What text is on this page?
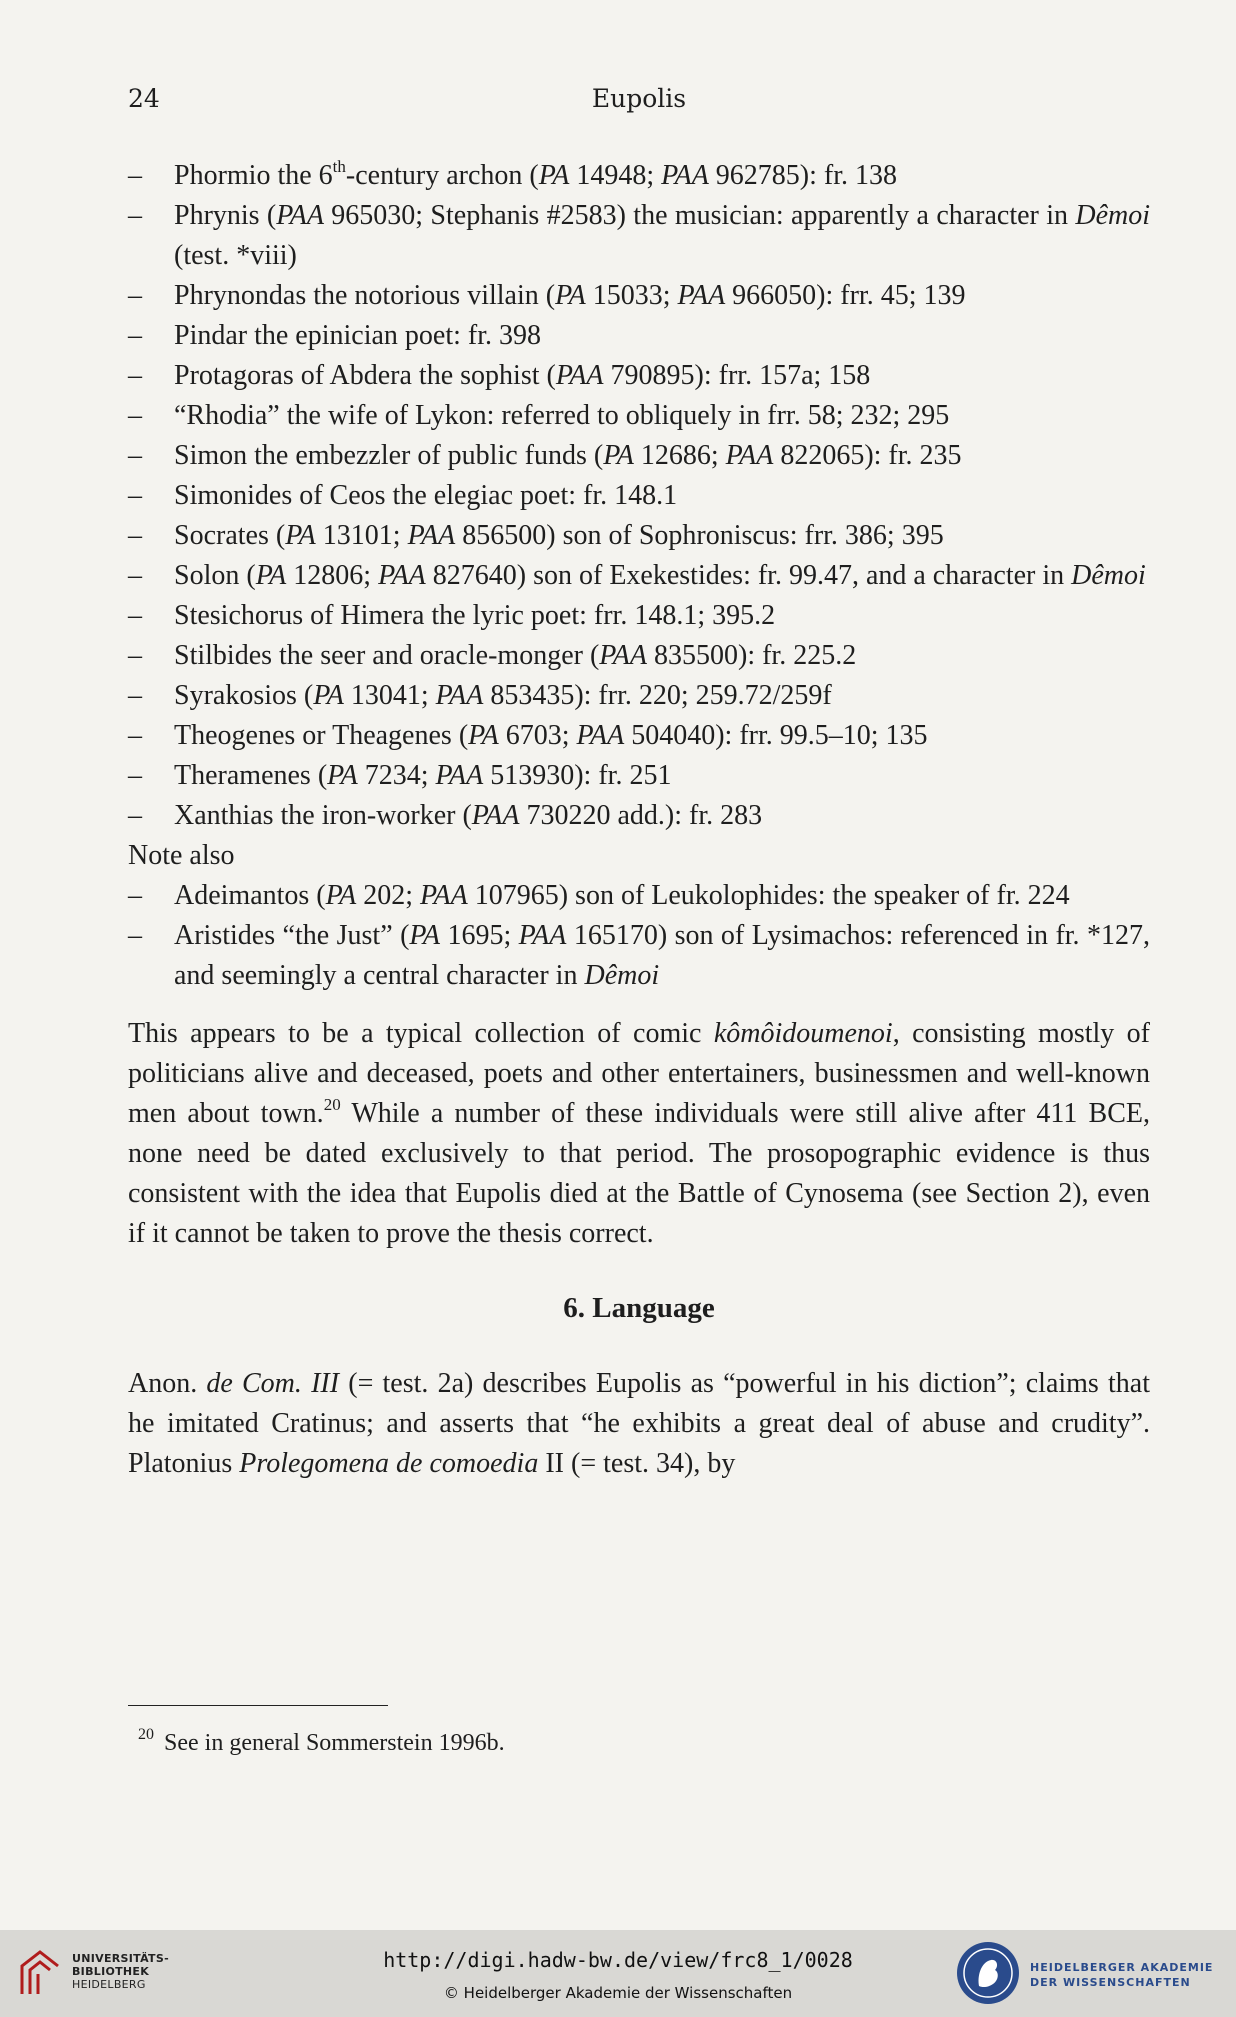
24	Eupolis
– Phormio the 6th-century archon (PA 14948; PAA 962785): fr. 138
– Phrynis (PAA 965030; Stephanis #2583) the musician: apparently a character in Dêmoi (test. *viii)
– Phrynondas the notorious villain (PA 15033; PAA 966050): frr. 45; 139
– Pindar the epinician poet: fr. 398
– Protagoras of Abdera the sophist (PAA 790895): frr. 157a; 158
– “Rhodia” the wife of Lykon: referred to obliquely in frr. 58; 232; 295
– Simon the embezzler of public funds (PA 12686; PAA 822065): fr. 235
– Simonides of Ceos the elegiac poet: fr. 148.1
– Socrates (PA 13101; PAA 856500) son of Sophroniscus: frr. 386; 395
– Solon (PA 12806; PAA 827640) son of Exekestides: fr. 99.47, and a character in Dêmoi
– Stesichorus of Himera the lyric poet: frr. 148.1; 395.2
– Stilbides the seer and oracle-monger (PAA 835500): fr. 225.2
– Syrakosios (PA 13041; PAA 853435): frr. 220; 259.72/259f
– Theogenes or Theagenes (PA 6703; PAA 504040): frr. 99.5–10; 135
– Theramenes (PA 7234; PAA 513930): fr. 251
– Xanthias the iron-worker (PAA 730220 add.): fr. 283
Note also
– Adeimantos (PA 202; PAA 107965) son of Leukolophides: the speaker of fr. 224
– Aristides “the Just” (PA 1695; PAA 165170) son of Lysimachos: referenced in fr. *127, and seemingly a central character in Dêmoi
This appears to be a typical collection of comic kômôidoumenoi, consisting mostly of politicians alive and deceased, poets and other entertainers, businessmen and well-known men about town.$^{20}$ While a number of these individuals were still alive after 411 BCE, none need be dated exclusively to that period. The prosopographic evidence is thus consistent with the idea that Eupolis died at the Battle of Cynosema (see Section 2), even if it cannot be taken to prove the thesis correct.
6. Language
Anon. de Com. III (= test. 2a) describes Eupolis as “powerful in his diction”; claims that he imitated Cratinus; and asserts that “he exhibits a great deal of abuse and crudity”. Platonius Prolegomena de comoedia II (= test. 34), by
$^{20}$ See in general Sommerstein 1996b.
UNIVERSITÄTS-
BIBLIOTHEK
HEIDELBERG
http://digi.hadw-bw.de/view/frc8_1/0028
© Heidelberger Akademie der Wissenschaften
HEIDELBERGER AKADEMIE
DER WISSENSCHAFTEN
